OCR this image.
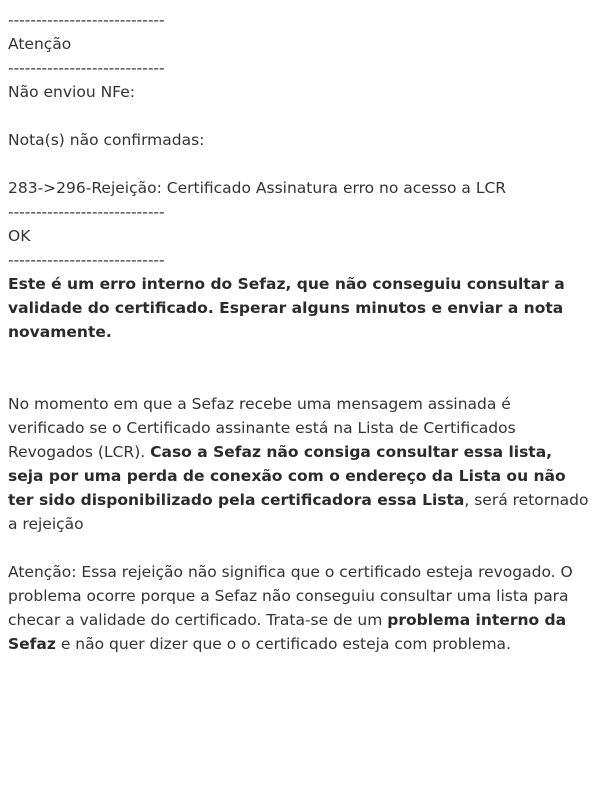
----------------------------
Atenção
----------------------------
Não enviou NFe:
Nota(s) não confirmadas:
283->296-Rejeição: Certificado Assinatura erro no acesso a LCR
----------------------------
OK
----------------------------

Este é um erro interno do Sefaz, que não conseguiu consultar a validade do certificado. Esperar alguns minutos e enviar a nota novamente.

No momento em que a Sefaz recebe uma mensagem assinada é verificado se o Certificado assinante está na Lista de Certificados Revogados (LCR). Caso a Sefaz não consiga consultar essa lista, seja por uma perda de conexão com o endereço da Lista ou não ter sido disponibilizado pela certificadora essa Lista, será retornado a rejeição

Atenção: Essa rejeição não significa que o certificado esteja revogado. O problema ocorre porque a Sefaz não conseguiu consultar uma lista para checar a validade do certificado. Trata-se de um problema interno da Sefaz e não quer dizer que o o certificado esteja com problema.
